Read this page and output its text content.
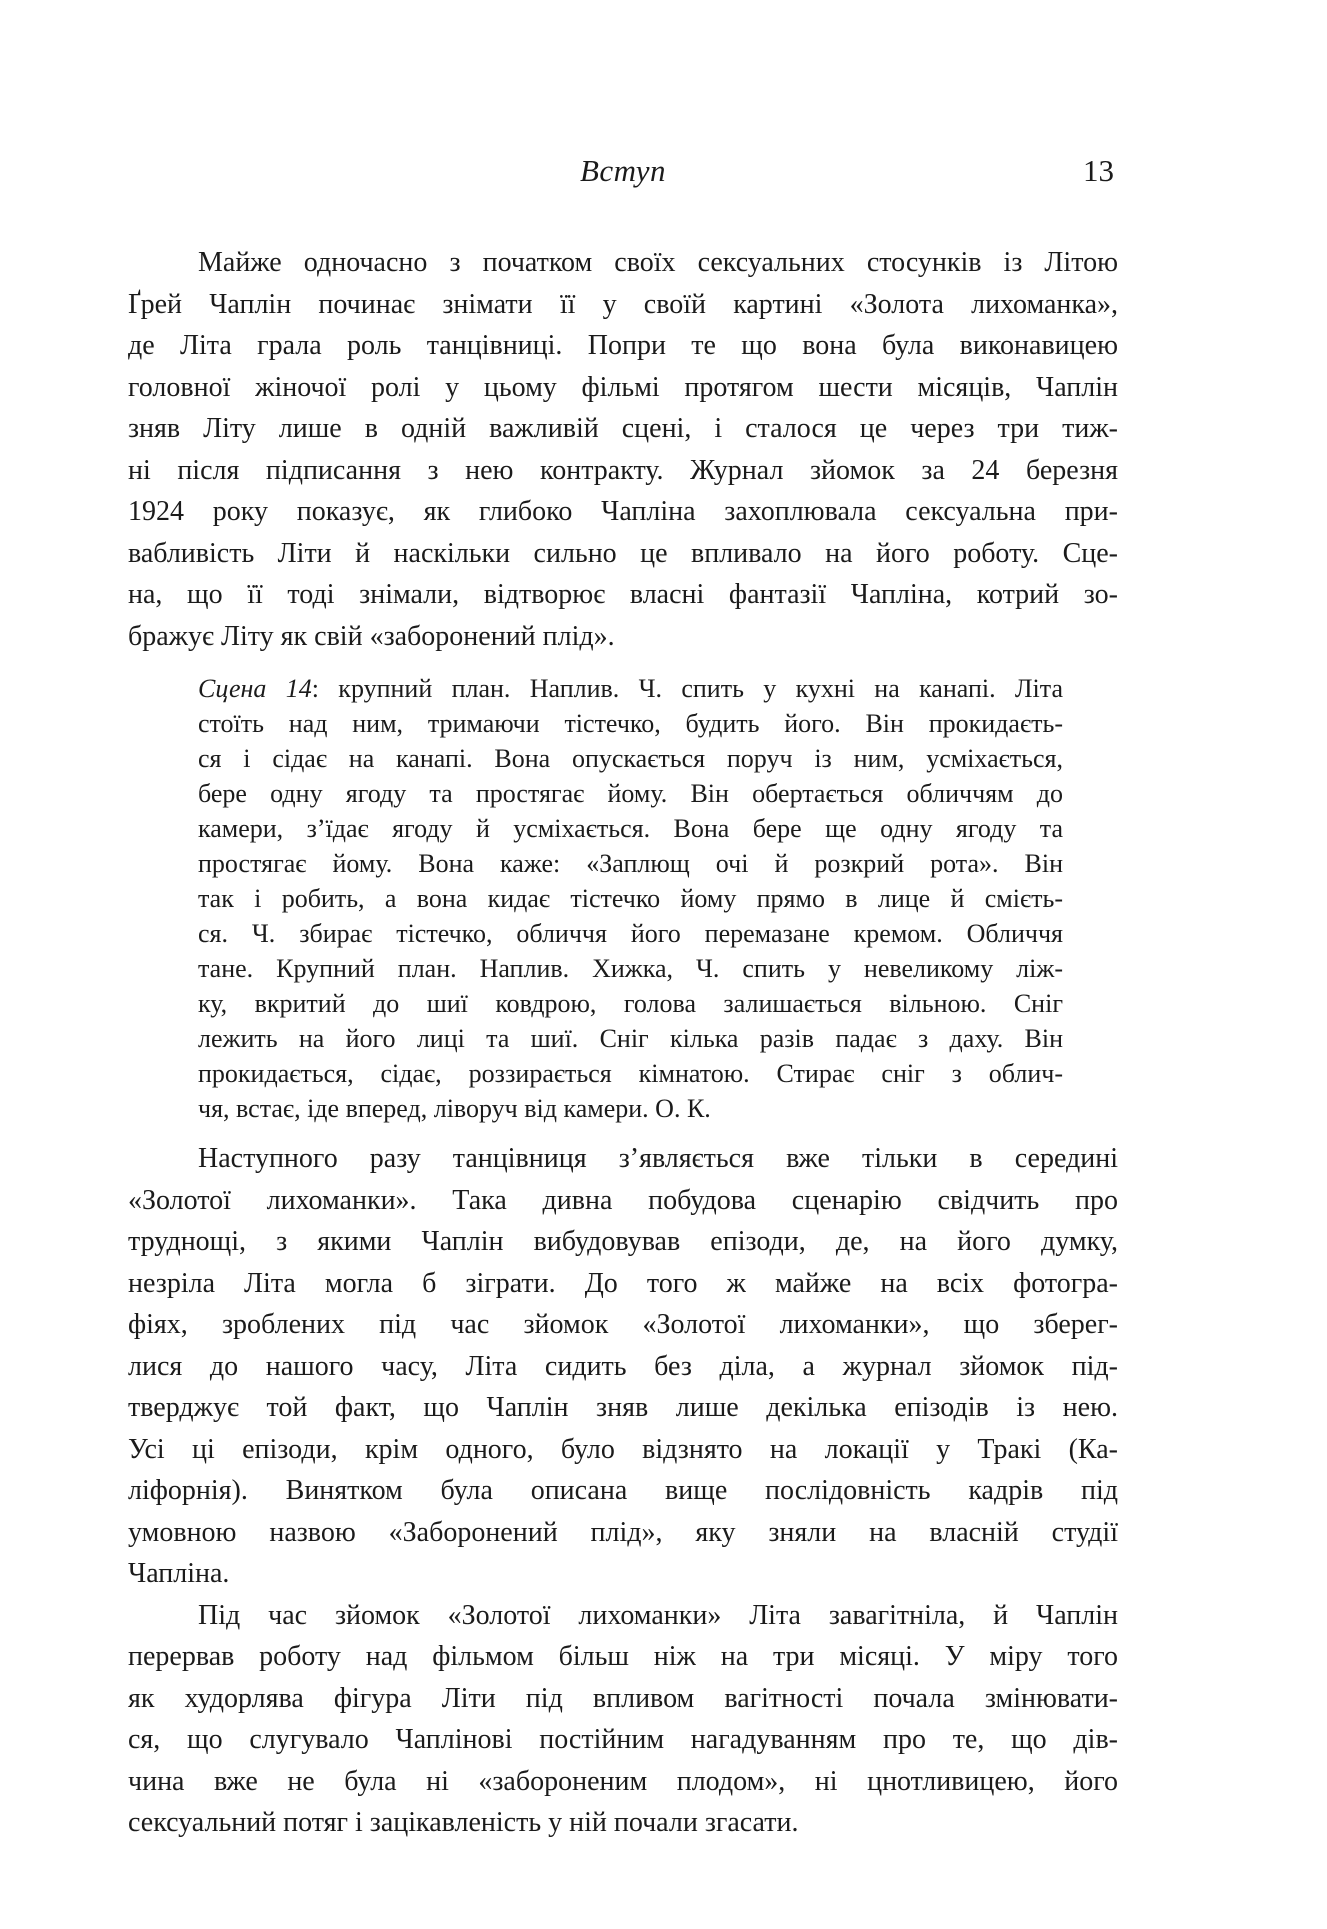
Вступ	13
Майже одночасно з початком своїх сексуальних стосунків із Літою
Ґрей Чаплін починає знімати її у своїй картині «Золота лихоманка»,
де Літа грала роль танцівниці. Попри те що вона була виконавицею
головної жіночої ролі у цьому фільмі протягом шести місяців, Чаплін
зняв Літу лише в одній важливій сцені, і сталося це через три тиж-
ні після підписання з нею контракту. Журнал зйомок за 24 березня
1924 року показує, як глибоко Чапліна захоплювала сексуальна при-
вабливість Літи й наскільки сильно це впливало на його роботу. Сце-
на, що її тоді знімали, відтворює власні фантазії Чапліна, котрий зо-
бражує Літу як свій «заборонений плід».
Сцена 14: крупний план. Наплив. Ч. спить у кухні на канапі. Літа
стоїть над ним, тримаючи тістечко, будить його. Він прокидаєть-
ся і сідає на канапі. Вона опускається поруч із ним, усміхається,
бере одну ягоду та простягає йому. Він обертається обличчям до
камери, з’їдає ягоду й усміхається. Вона бере ще одну ягоду та
простягає йому. Вона каже: «Заплющ очі й розкрий рота». Він
так і робить, а вона кидає тістечко йому прямо в лице й смієть-
ся. Ч. збирає тістечко, обличчя його перемазане кремом. Обличчя
тане. Крупний план. Наплив. Хижка, Ч. спить у невеликому ліж-
ку, вкритий до шиї ковдрою, голова залишається вільною. Сніг
лежить на його лиці та шиї. Сніг кілька разів падає з даху. Він
прокидається, сідає, роззирається кімнатою. Стирає сніг з облич-
чя, встає, іде вперед, ліворуч від камери. О. К.
Наступного разу танцівниця з’являється вже тільки в середині
«Золотої лихоманки». Така дивна побудова сценарію свідчить про
труднощі, з якими Чаплін вибудовував епізоди, де, на його думку,
незріла Літа могла б зіграти. До того ж майже на всіх фотогра-
фіях, зроблених під час зйомок «Золотої лихоманки», що зберег-
лися до нашого часу, Літа сидить без діла, а журнал зйомок під-
тверджує той факт, що Чаплін зняв лише декілька епізодів із нею.
Усі ці епізоди, крім одного, було відзнято на локації у Тракі (Ка-
ліфорнія). Винятком була описана вище послідовність кадрів під
умовною назвою «Заборонений плід», яку зняли на власній студії
Чапліна.
Під час зйомок «Золотої лихоманки» Літа завагітніла, й Чаплін
перервав роботу над фільмом більш ніж на три місяці. У міру того
як худорлява фігура Літи під впливом вагітності почала змінювати-
ся, що слугувало Чаплінові постійним нагадуванням про те, що дів-
чина вже не була ні «забороненим плодом», ні цнотливицею, його
сексуальний потяг і зацікавленість у ній почали згасати.
